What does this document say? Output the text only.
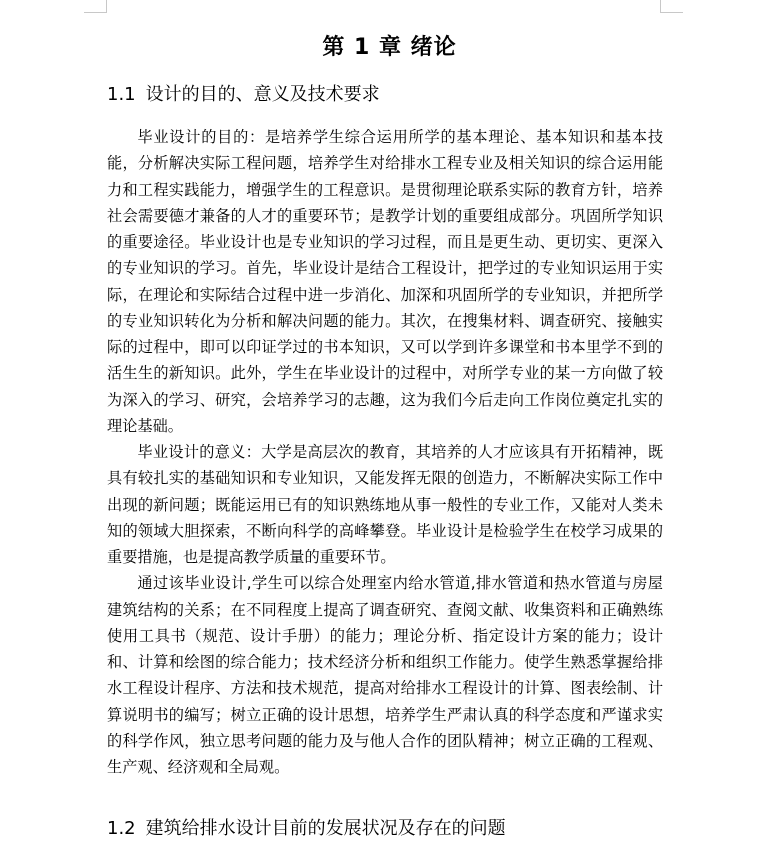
第 1 章 绪论
1.1 设计的目的、意义及技术要求

毕业设计的目的：是培养学生综合运用所学的基本理论、基本知识和基本技能，分析解决实际工程问题，培养学生对给排水工程专业及相关知识的综合运用能力和工程实践能力，增强学生的工程意识。是贯彻理论联系实际的教育方针，培养社会需要德才兼备的人才的重要环节；是教学计划的重要组成部分。巩固所学知识的重要途径。毕业设计也是专业知识的学习过程，而且是更生动、更切实、更深入的专业知识的学习。首先，毕业设计是结合工程设计，把学过的专业知识运用于实际，在理论和实际结合过程中进一步消化、加深和巩固所学的专业知识，并把所学的专业知识转化为分析和解决问题的能力。其次，在搜集材料、调查研究、接触实际的过程中，即可以印证学过的书本知识，又可以学到许多课堂和书本里学不到的活生生的新知识。此外，学生在毕业设计的过程中，对所学专业的某一方向做了较为深入的学习、研究，会培养学习的志趣，这为我们今后走向工作岗位奠定扎实的理论基础。

毕业设计的意义：大学是高层次的教育，其培养的人才应该具有开拓精神，既具有较扎实的基础知识和专业知识，又能发挥无限的创造力，不断解决实际工作中出现的新问题；既能运用已有的知识熟练地从事一般性的专业工作，又能对人类未知的领域大胆探索，不断向科学的高峰攀登。毕业设计是检验学生在校学习成果的重要措施，也是提高教学质量的重要环节。

通过该毕业设计,学生可以综合处理室内给水管道,排水管道和热水管道与房屋建筑结构的关系；在不同程度上提高了调查研究、查阅文献、收集资料和正确熟练使用工具书（规范、设计手册）的能力；理论分析、指定设计方案的能力；设计和、计算和绘图的综合能力；技术经济分析和组织工作能力。使学生熟悉掌握给排水工程设计程序、方法和技术规范，提高对给排水工程设计的计算、图表绘制、计算说明书的编写；树立正确的设计思想，培养学生严肃认真的科学态度和严谨求实的科学作风，独立思考问题的能力及与他人合作的团队精神；树立正确的工程观、生产观、经济观和全局观。

1.2 建筑给排水设计目前的发展状况及存在的问题
